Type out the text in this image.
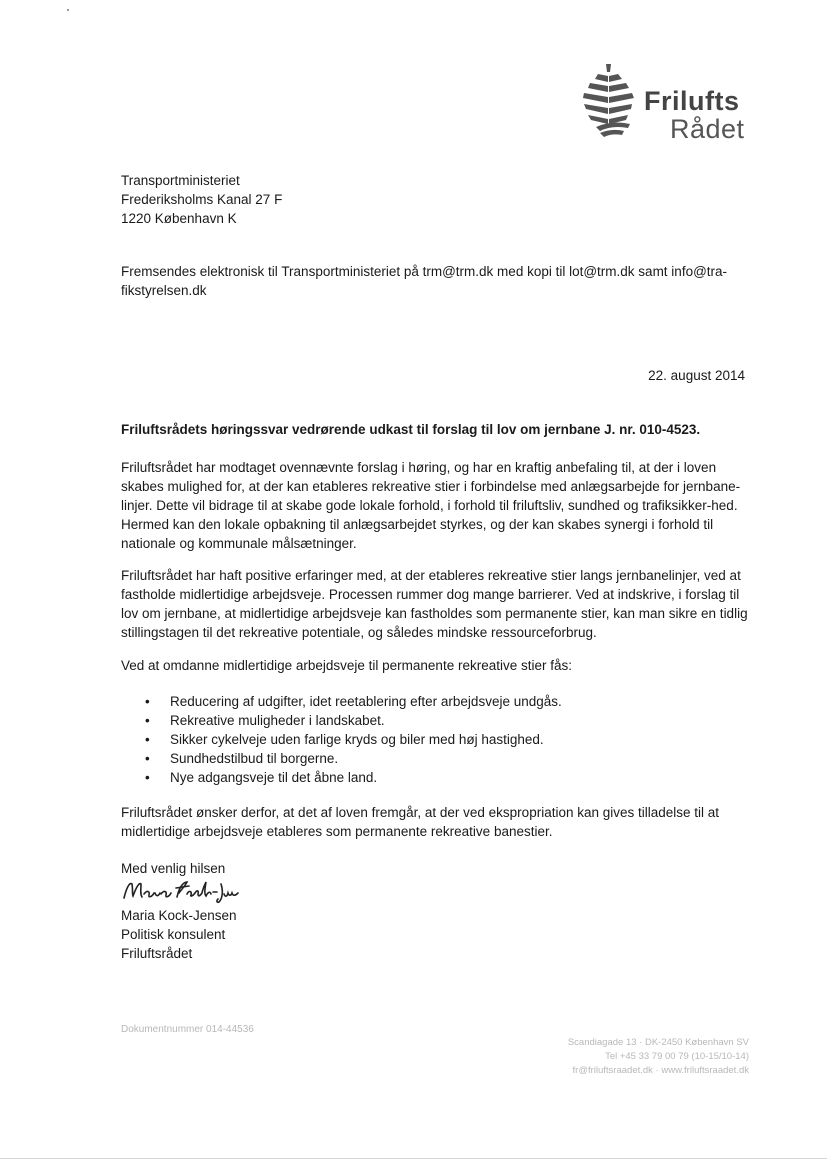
Frilufts
Rådet
Transportministeriet
Frederiksholms Kanal 27 F
1220 København K
Fremsendes elektronisk til Transportministeriet på trm@trm.dk med kopi til lot@trm.dk samt info@tra-fikstyrelsen.dk
22. august 2014
Friluftsrådets høringssvar vedrørende udkast til forslag til lov om jernbane J. nr. 010-4523.
Friluftsrådet har modtaget ovennævnte forslag i høring, og har en kraftig anbefaling til, at der i loven skabes mulighed for, at der kan etableres rekreative stier i forbindelse med anlægsarbejde for jernbane-linjer. Dette vil bidrage til at skabe gode lokale forhold, i forhold til friluftsliv, sundhed og trafiksikker-hed. Hermed kan den lokale opbakning til anlægsarbejdet styrkes, og der kan skabes synergi i forhold til nationale og kommunale målsætninger.
Friluftsrådet har haft positive erfaringer med, at der etableres rekreative stier langs jernbanelinjer, ved at fastholde midlertidige arbejdsveje. Processen rummer dog mange barrierer. Ved at indskrive, i forslag til lov om jernbane, at midlertidige arbejdsveje kan fastholdes som permanente stier, kan man sikre en tidlig stillingstagen til det rekreative potentiale, og således mindske ressourceforbrug.
Ved at omdanne midlertidige arbejdsveje til permanente rekreative stier fås:
• Reducering af udgifter, idet reetablering efter arbejdsveje undgås.
• Rekreative muligheder i landskabet.
• Sikker cykelveje uden farlige kryds og biler med høj hastighed.
• Sundhedstilbud til borgerne.
• Nye adgangsveje til det åbne land.
Friluftsrådet ønsker derfor, at det af loven fremgår, at der ved ekspropriation kan gives tilladelse til at midlertidige arbejdsveje etableres som permanente rekreative banestier.
Med venlig hilsen
Maria Kock-Jensen
Politisk konsulent
Friluftsrådet
Dokumentnummer 014-44536
Scandiagade 13 · DK-2450 København SV
Tel +45 33 79 00 79 (10-15/10-14)
fr@friluftsraadet.dk · www.friluftsraadet.dk
